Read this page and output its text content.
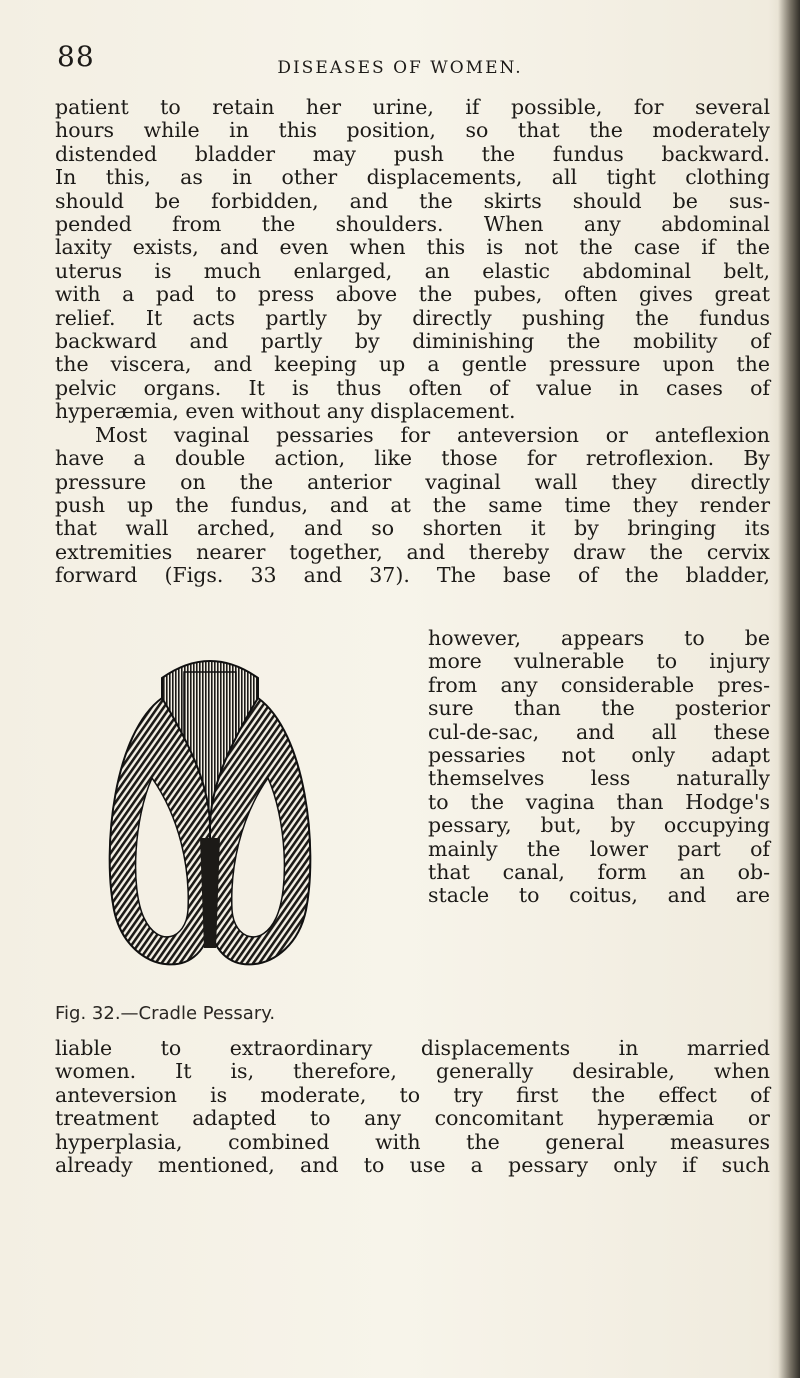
88	DISEASES OF WOMEN.
patient to retain her urine, if possible, for several
hours while in this position, so that the moderately
distended bladder may push the fundus backward.
In this, as in other displacements, all tight clothing
should be forbidden, and the skirts should be sus-
pended from the shoulders. When any abdominal
laxity exists, and even when this is not the case if the
uterus is much enlarged, an elastic abdominal belt,
with a pad to press above the pubes, often gives great
relief. It acts partly by directly pushing the fundus
backward and partly by diminishing the mobility of
the viscera, and keeping up a gentle pressure upon the
pelvic organs. It is thus often of value in cases of
hyperæmia, even without any displacement.
Most vaginal pessaries for anteversion or anteflexion
have a double action, like those for retroflexion. By
pressure on the anterior vaginal wall they directly
push up the fundus, and at the same time they render
that wall arched, and so shorten it by bringing its
extremities nearer together, and thereby draw the cervix
forward (Figs. 33 and 37). The base of the bladder,
Fig. 32.—Cradle Pessary.
however, appears to be
more vulnerable to injury
from any considerable pres-
sure than the posterior
cul-de-sac, and all these
pessaries not only adapt
themselves less naturally
to the vagina than Hodge's
pessary, but, by occupying
mainly the lower part of
that canal, form an ob-
stacle to coitus, and are
liable to extraordinary displacements in married
women. It is, therefore, generally desirable, when
anteversion is moderate, to try first the effect of
treatment adapted to any concomitant hyperæmia or
hyperplasia, combined with the general measures
already mentioned, and to use a pessary only if such
